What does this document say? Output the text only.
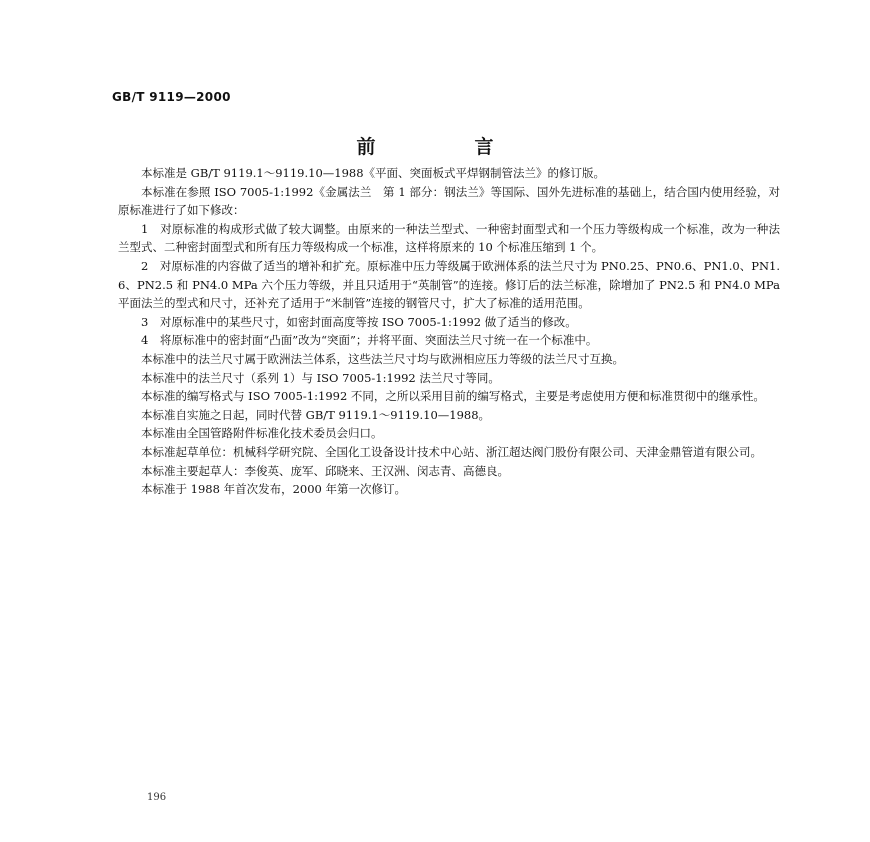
GB/T 9119—2000
前　言

本标准是 GB/T 9119.1～9119.10—1988《平面、突面板式平焊钢制管法兰》的修订版。

本标准在参照 ISO 7005-1:1992《金属法兰　第 1 部分：钢法兰》等国际、国外先进标准的基础上，结合国内使用经验，对原标准进行了如下修改：

1　对原标准的构成形式做了较大调整。由原来的一种法兰型式、一种密封面型式和一个压力等级构成一个标准，改为一种法兰型式、二种密封面型式和所有压力等级构成一个标准，这样将原来的 10 个标准压缩到 1 个。

2　对原标准的内容做了适当的增补和扩充。原标准中压力等级属于欧洲体系的法兰尺寸为 PN0.25、PN0.6、PN1.0、PN1.6、PN2.5 和 PN4.0 MPa 六个压力等级，并且只适用于“英制管”的连接。修订后的法兰标准，除增加了 PN2.5 和 PN4.0 MPa 平面法兰的型式和尺寸，还补充了适用于“米制管”连接的钢管尺寸，扩大了标准的适用范围。

3　对原标准中的某些尺寸，如密封面高度等按 ISO 7005-1:1992 做了适当的修改。

4　将原标准中的密封面“凸面”改为“突面”；并将平面、突面法兰尺寸统一在一个标准中。

本标准中的法兰尺寸属于欧洲法兰体系，这些法兰尺寸均与欧洲相应压力等级的法兰尺寸互换。

本标准中的法兰尺寸（系列 1）与 ISO 7005-1:1992 法兰尺寸等同。

本标准的编写格式与 ISO 7005-1:1992 不同，之所以采用目前的编写格式，主要是考虑使用方便和标准贯彻中的继承性。

本标准自实施之日起，同时代替 GB/T 9119.1～9119.10—1988。

本标准由全国管路附件标准化技术委员会归口。

本标准起草单位：机械科学研究院、全国化工设备设计技术中心站、浙江超达阀门股份有限公司、天津金鼎管道有限公司。

本标准主要起草人：李俊英、庞军、邱晓来、王汉洲、闵志青、高德良。

本标准于 1988 年首次发布，2000 年第一次修订。

196
